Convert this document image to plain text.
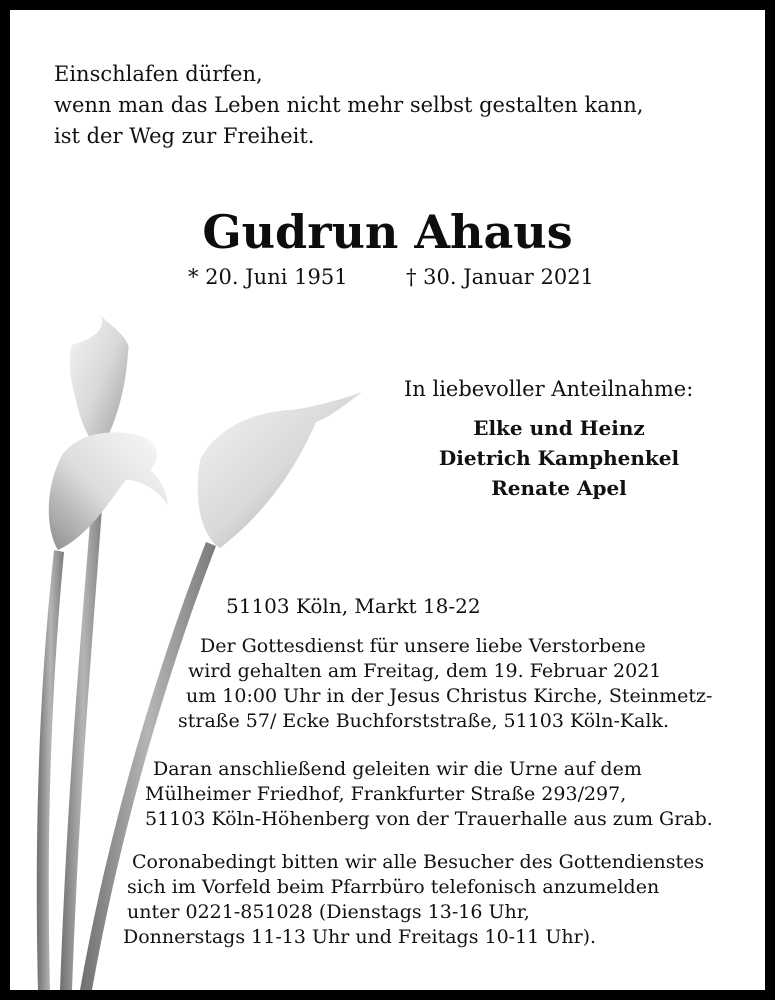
Einschlafen dürfen,
wenn man das Leben nicht mehr selbst gestalten kann,
ist der Weg zur Freiheit.
Gudrun Ahaus
* 20. Juni 1951	† 30. Januar 2021
In liebevoller Anteilnahme:
Elke und Heinz
Dietrich Kamphenkel
Renate Apel
51103 Köln, Markt 18-22
Der Gottesdienst für unsere liebe Verstorbene
wird gehalten am Freitag, dem 19. Februar 2021
um 10:00 Uhr in der Jesus Christus Kirche, Steinmetz-
straße 57/ Ecke Buchforststraße, 51103 Köln-Kalk.
Daran anschließend geleiten wir die Urne auf dem
Mülheimer Friedhof, Frankfurter Straße 293/297,
51103 Köln-Höhenberg von der Trauerhalle aus zum Grab.
Coronabedingt bitten wir alle Besucher des Gottendienstes
sich im Vorfeld beim Pfarrbüro telefonisch anzumelden
unter 0221-851028 (Dienstags 13-16 Uhr,
Donnerstags 11-13 Uhr und Freitags 10-11 Uhr).
